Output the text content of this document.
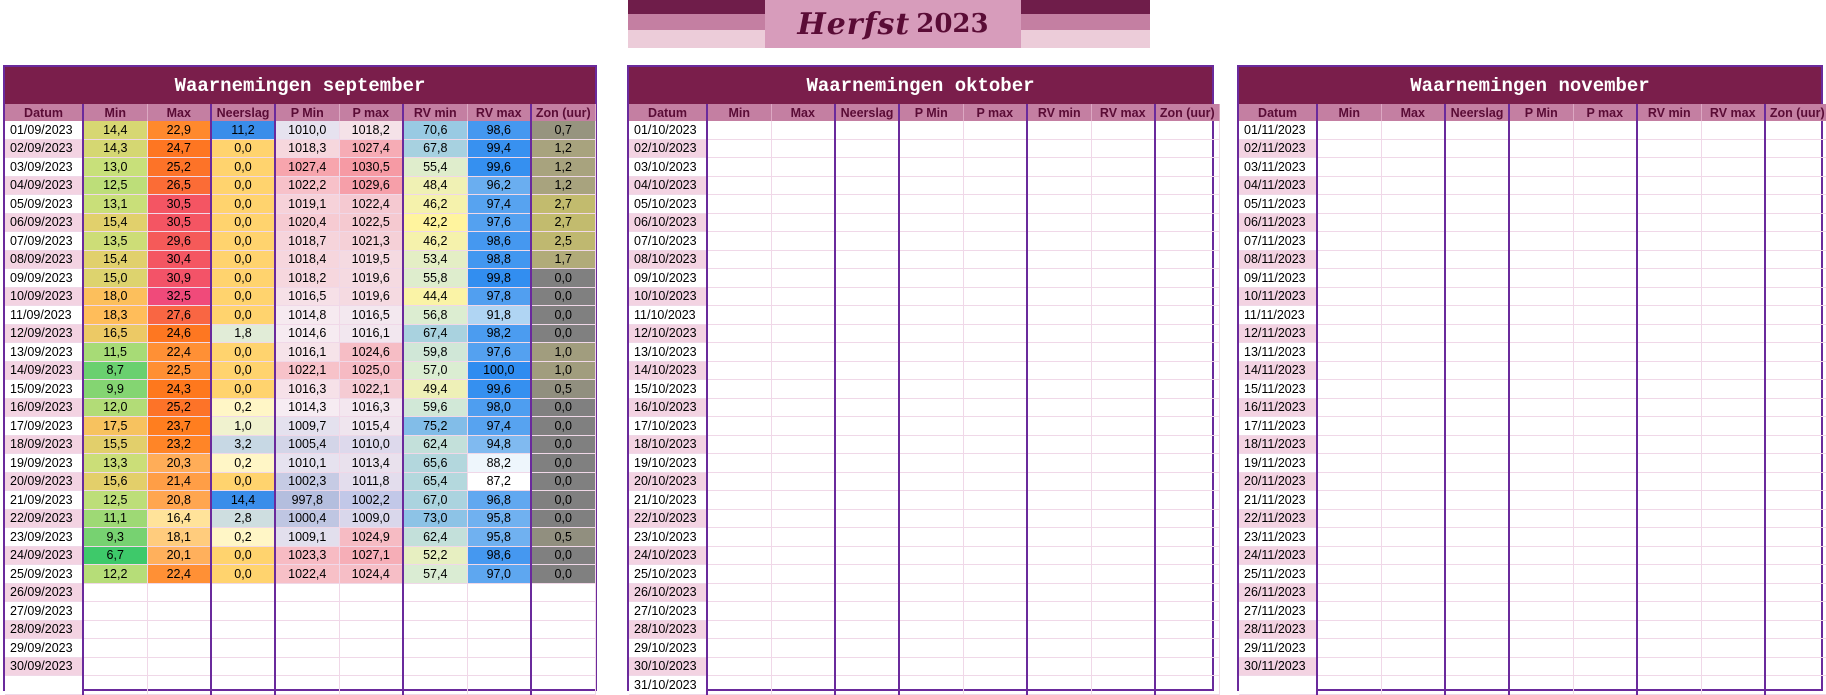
Herfst 2023
Waarnemingen september
Datum	Min	Max	Neerslag	P Min	P max	RV min	RV max	Zon (uur)
01/09/2023	14,4	22,9	11,2	1010,0	1018,2	70,6	98,6	0,7
02/09/2023	14,3	24,7	0,0	1018,3	1027,4	67,8	99,4	1,2
03/09/2023	13,0	25,2	0,0	1027,4	1030,5	55,4	99,6	1,2
04/09/2023	12,5	26,5	0,0	1022,2	1029,6	48,4	96,2	1,2
05/09/2023	13,1	30,5	0,0	1019,1	1022,4	46,2	97,4	2,7
06/09/2023	15,4	30,5	0,0	1020,4	1022,5	42,2	97,6	2,7
07/09/2023	13,5	29,6	0,0	1018,7	1021,3	46,2	98,6	2,5
08/09/2023	15,4	30,4	0,0	1018,4	1019,5	53,4	98,8	1,7
09/09/2023	15,0	30,9	0,0	1018,2	1019,6	55,8	99,8	0,0
10/09/2023	18,0	32,5	0,0	1016,5	1019,6	44,4	97,8	0,0
11/09/2023	18,3	27,6	0,0	1014,8	1016,5	56,8	91,8	0,0
12/09/2023	16,5	24,6	1,8	1014,6	1016,1	67,4	98,2	0,0
13/09/2023	11,5	22,4	0,0	1016,1	1024,6	59,8	97,6	1,0
14/09/2023	8,7	22,5	0,0	1022,1	1025,0	57,0	100,0	1,0
15/09/2023	9,9	24,3	0,0	1016,3	1022,1	49,4	99,6	0,5
16/09/2023	12,0	25,2	0,2	1014,3	1016,3	59,6	98,0	0,0
17/09/2023	17,5	23,7	1,0	1009,7	1015,4	75,2	97,4	0,0
18/09/2023	15,5	23,2	3,2	1005,4	1010,0	62,4	94,8	0,0
19/09/2023	13,3	20,3	0,2	1010,1	1013,4	65,6	88,2	0,0
20/09/2023	15,6	21,4	0,0	1002,3	1011,8	65,4	87,2	0,0
21/09/2023	12,5	20,8	14,4	997,8	1002,2	67,0	96,8	0,0
22/09/2023	11,1	16,4	2,8	1000,4	1009,0	73,0	95,8	0,0
23/09/2023	9,3	18,1	0,2	1009,1	1024,9	62,4	95,8	0,5
24/09/2023	6,7	20,1	0,0	1023,3	1027,1	52,2	98,6	0,0
25/09/2023	12,2	22,4	0,0	1022,4	1024,4	57,4	97,0	0,0
26/09/2023								
27/09/2023								
28/09/2023								
29/09/2023								
30/09/2023								

Waarnemingen oktober
Datum	Min	Max	Neerslag	P Min	P max	RV min	RV max	Zon (uur)
01/10/2023								
02/10/2023								
03/10/2023								
04/10/2023								
05/10/2023								
06/10/2023								
07/10/2023								
08/10/2023								
09/10/2023								
10/10/2023								
11/10/2023								
12/10/2023								
13/10/2023								
14/10/2023								
15/10/2023								
16/10/2023								
17/10/2023								
18/10/2023								
19/10/2023								
20/10/2023								
21/10/2023								
22/10/2023								
23/10/2023								
24/10/2023								
25/10/2023								
26/10/2023								
27/10/2023								
28/10/2023								
29/10/2023								
30/10/2023								
31/10/2023								
Waarnemingen november
Datum	Min	Max	Neerslag	P Min	P max	RV min	RV max	Zon (uur)
01/11/2023								
02/11/2023								
03/11/2023								
04/11/2023								
05/11/2023								
06/11/2023								
07/11/2023								
08/11/2023								
09/11/2023								
10/11/2023								
11/11/2023								
12/11/2023								
13/11/2023								
14/11/2023								
15/11/2023								
16/11/2023								
17/11/2023								
18/11/2023								
19/11/2023								
20/11/2023								
21/11/2023								
22/11/2023								
23/11/2023								
24/11/2023								
25/11/2023								
26/11/2023								
27/11/2023								
28/11/2023								
29/11/2023								
30/11/2023								
